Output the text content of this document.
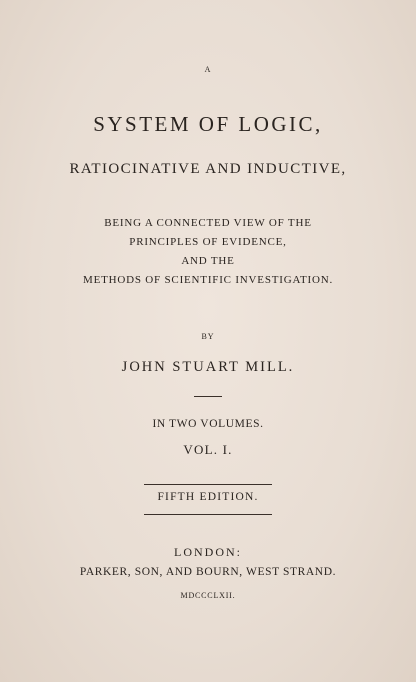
A
SYSTEM OF LOGIC,
RATIOCINATIVE AND INDUCTIVE,
BEING A CONNECTED VIEW OF THE
PRINCIPLES OF EVIDENCE,
AND THE
METHODS OF SCIENTIFIC INVESTIGATION.
BY
JOHN STUART MILL.
IN TWO VOLUMES.
VOL. I.
FIFTH EDITION.
LONDON:
PARKER, SON, AND BOURN, WEST STRAND.
MDCCCLXII.
